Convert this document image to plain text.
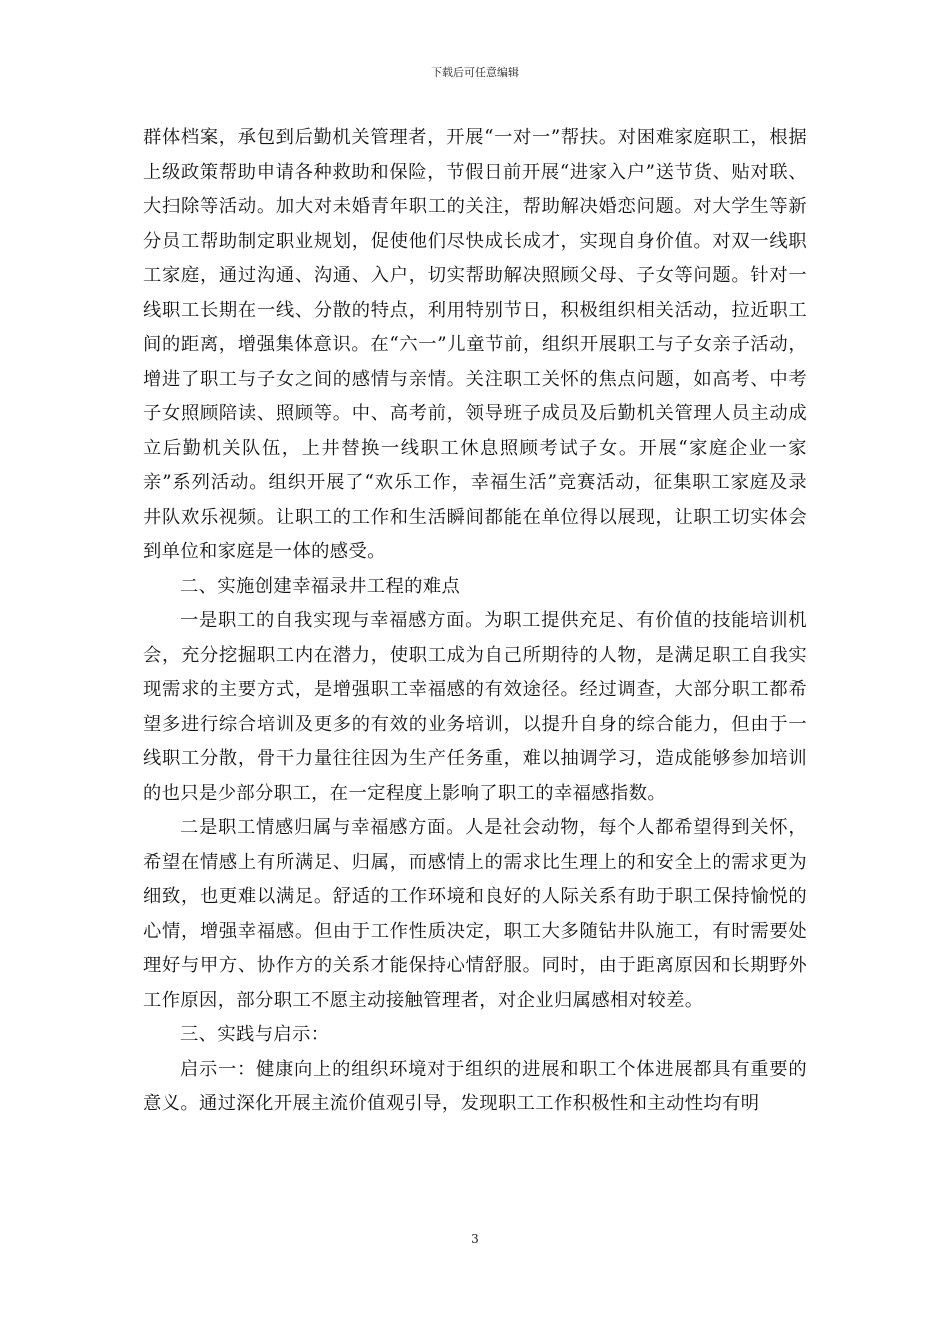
下载后可任意编辑

群体档案，承包到后勤机关管理者，开展“一对一”帮扶。对困难家庭职工，根据上级政策帮助申请各种救助和保险，节假日前开展“进家入户”送节货、贴对联、大扫除等活动。加大对未婚青年职工的关注，帮助解决婚恋问题。对大学生等新分员工帮助制定职业规划，促使他们尽快成长成才，实现自身价值。对双一线职工家庭，通过沟通、沟通、入户，切实帮助解决照顾父母、子女等问题。针对一线职工长期在一线、分散的特点，利用特别节日，积极组织相关活动，拉近职工间的距离，增强集体意识。在“六一”儿童节前，组织开展职工与子女亲子活动，增进了职工与子女之间的感情与亲情。关注职工关怀的焦点问题，如高考、中考子女照顾陪读、照顾等。中、高考前，领导班子成员及后勤机关管理人员主动成立后勤机关队伍，上井替换一线职工休息照顾考试子女。开展“家庭企业一家亲”系列活动。组织开展了“欢乐工作，幸福生活”竞赛活动，征集职工家庭及录井队欢乐视频。让职工的工作和生活瞬间都能在单位得以展现，让职工切实体会到单位和家庭是一体的感受。

二、实施创建幸福录井工程的难点

一是职工的自我实现与幸福感方面。为职工提供充足、有价值的技能培训机会，充分挖掘职工内在潜力，使职工成为自己所期待的人物，是满足职工自我实现需求的主要方式，是增强职工幸福感的有效途径。经过调查，大部分职工都希望多进行综合培训及更多的有效的业务培训，以提升自身的综合能力，但由于一线职工分散，骨干力量往往因为生产任务重，难以抽调学习，造成能够参加培训的也只是少部分职工，在一定程度上影响了职工的幸福感指数。

二是职工情感归属与幸福感方面。人是社会动物，每个人都希望得到关怀，希望在情感上有所满足、归属，而感情上的需求比生理上的和安全上的需求更为细致，也更难以满足。舒适的工作环境和良好的人际关系有助于职工保持愉悦的心情，增强幸福感。但由于工作性质决定，职工大多随钻井队施工，有时需要处理好与甲方、协作方的关系才能保持心情舒服。同时，由于距离原因和长期野外工作原因，部分职工不愿主动接触管理者，对企业归属感相对较差。

三、实践与启示：

启示一：健康向上的组织环境对于组织的进展和职工个体进展都具有重要的意义。通过深化开展主流价值观引导，发现职工工作积极性和主动性均有明

3
